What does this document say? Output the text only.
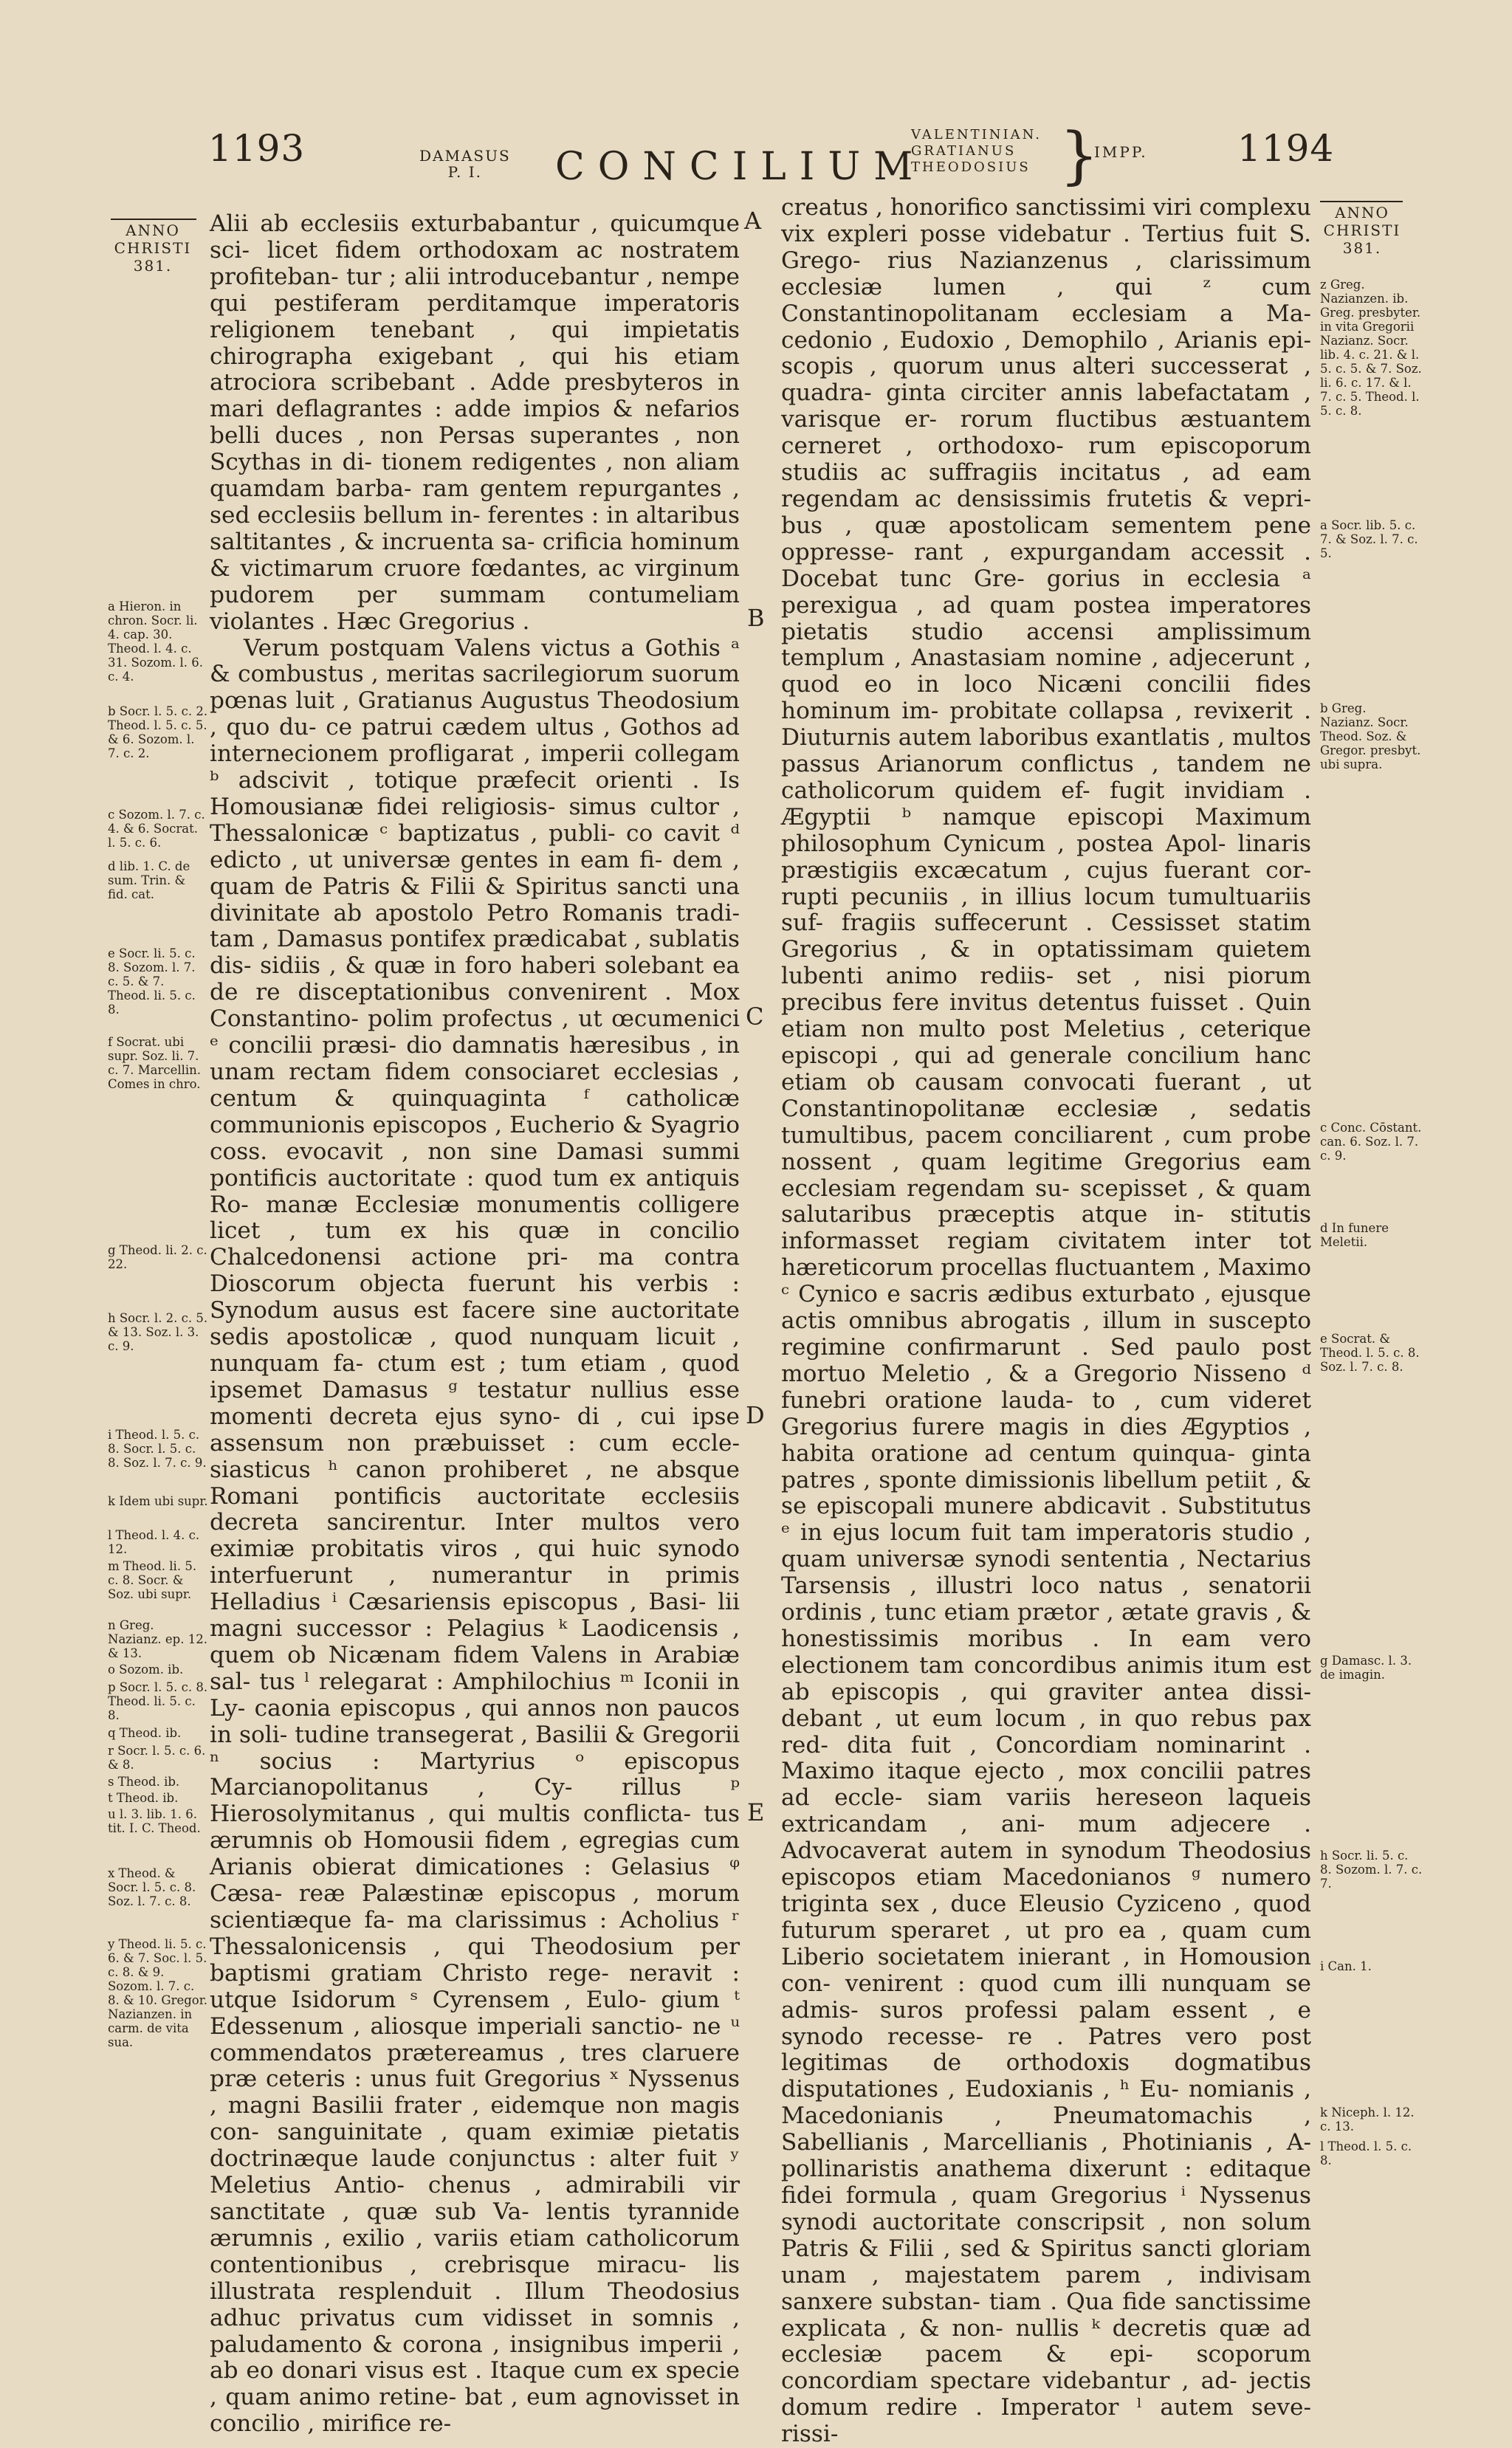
1193	DAMASUS
P. I.	CONCILIUM
VALENTINIAN.
GRATIANUS
THEODOSIUS }
IMPP. 1194
ANNO
CHRISTI
381.
ANNO
CHRISTI
381.

Alii ab ecclesiis exturbabantur , quicumque sci- licet fidem orthodoxam ac nostratem profiteban- tur ; alii introducebantur , nempe qui pestiferam perditamque imperatoris religionem tenebant , qui impietatis chirographa exigebant , qui his etiam atrociora scribebant . Adde presbyteros in mari deflagrantes : adde impios & nefarios belli duces , non Persas superantes , non Scythas in di- tionem redigentes , non aliam quamdam barba- ram gentem repurgantes , sed ecclesiis bellum in- ferentes : in altaribus saltitantes , & incruenta sa- crificia hominum & victimarum cruore fœdantes, ac virginum pudorem per summam contumeliam violantes . Hæc Gregorius .

Verum postquam Valens victus a Gothis ᵃ & combustus , meritas sacrilegiorum suorum pœnas luit , Gratianus Augustus Theodosium , quo du- ce patrui cædem ultus , Gothos ad internecionem profligarat , imperii collegam ᵇ adscivit , totique præfecit orienti . Is Homousianæ fidei religiosis- simus cultor , Thessalonicæ ᶜ baptizatus , publi- co cavit ᵈ edicto , ut universæ gentes in eam fi- dem , quam de Patris & Filii & Spiritus sancti una divinitate ab apostolo Petro Romanis tradi- tam , Damasus pontifex prædicabat , sublatis dis- sidiis , & quæ in foro haberi solebant ea de re disceptationibus convenirent . Mox Constantino- polim profectus , ut œcumenici ᵉ concilii præsi- dio damnatis hæresibus , in unam rectam fidem consociaret ecclesias , centum & quinquaginta ᶠ catholicæ communionis episcopos , Eucherio & Syagrio coss. evocavit , non sine Damasi summi pontificis auctoritate : quod tum ex antiquis Ro- manæ Ecclesiæ monumentis colligere licet , tum ex his quæ in concilio Chalcedonensi actione pri- ma contra Dioscorum objecta fuerunt his verbis : Synodum ausus est facere sine auctoritate sedis apostolicæ , quod nunquam licuit , nunquam fa- ctum est ; tum etiam , quod ipsemet Damasus ᵍ testatur nullius esse momenti decreta ejus syno- di , cui ipse assensum non præbuisset : cum eccle- siasticus ʰ canon prohiberet , ne absque Romani pontificis auctoritate ecclesiis decreta sancirentur. Inter multos vero eximiæ probitatis viros , qui huic synodo interfuerunt , numerantur in primis Helladius ⁱ Cæsariensis episcopus , Basi- lii magni successor : Pelagius ᵏ Laodicensis , quem ob Nicænam fidem Valens in Arabiæ sal- tus ˡ relegarat : Amphilochius ᵐ Iconii in Ly- caonia episcopus , qui annos non paucos in soli- tudine transegerat , Basilii & Gregorii ⁿ socius : Martyrius ᵒ episcopus Marcianopolitanus , Cy- rillus ᵖ Hierosolymitanus , qui multis conflicta- tus ærumnis ob Homousii fidem , egregias cum Arianis obierat dimicationes : Gelasius ᵠ Cæsa- reæ Palæstinæ episcopus , morum scientiæque fa- ma clarissimus : Acholius ʳ Thessalonicensis , qui Theodosium per baptismi gratiam Christo rege- neravit : utque Isidorum ˢ Cyrensem , Eulo- gium ᵗ Edessenum , aliosque imperiali sanctio- ne ᵘ commendatos prætereamus , tres claruere præ ceteris : unus fuit Gregorius ˣ Nyssenus , magni Basilii frater , eidemque non magis con- sanguinitate , quam eximiæ pietatis doctrinæque laude conjunctus : alter fuit ʸ Meletius Antio- chenus , admirabili vir sanctitate , quæ sub Va- lentis tyrannide ærumnis , exilio , variis etiam catholicorum contentionibus , crebrisque miracu- lis illustrata resplenduit . Illum Theodosius adhuc privatus cum vidisset in somnis , paludamento & corona , insignibus imperii , ab eo donari visus est . Itaque cum ex specie , quam animo retine- bat , eum agnovisset in concilio , mirifice re-

creatus , honorifico sanctissimi viri complexu vix expleri posse videbatur . Tertius fuit S. Grego- rius Nazianzenus , clarissimum ecclesiæ lumen , qui ᶻ cum Constantinopolitanam ecclesiam a Ma- cedonio , Eudoxio , Demophilo , Arianis epi- scopis , quorum unus alteri successerat , quadra- ginta circiter annis labefactatam , varisque er- rorum fluctibus æstuantem cerneret , orthodoxo- rum episcoporum studiis ac suffragiis incitatus , ad eam regendam ac densissimis frutetis & vepri- bus , quæ apostolicam sementem pene oppresse- rant , expurgandam accessit . Docebat tunc Gre- gorius in ecclesia ᵃ perexigua , ad quam postea imperatores pietatis studio accensi amplissimum templum , Anastasiam nomine , adjecerunt , quod eo in loco Nicæni concilii fides hominum im- probitate collapsa , revixerit . Diuturnis autem laboribus exantlatis , multos passus Arianorum conflictus , tandem ne catholicorum quidem ef- fugit invidiam . Ægyptii ᵇ namque episcopi Maximum philosophum Cynicum , postea Apol- linaris præstigiis excæcatum , cujus fuerant cor- rupti pecuniis , in illius locum tumultuariis suf- fragiis suffecerunt . Cessisset statim Gregorius , & in optatissimam quietem lubenti animo rediis- set , nisi piorum precibus fere invitus detentus fuisset . Quin etiam non multo post Meletius , ceterique episcopi , qui ad generale concilium hanc etiam ob causam convocati fuerant , ut Constantinopolitanæ ecclesiæ , sedatis tumultibus, pacem conciliarent , cum probe nossent , quam legitime Gregorius eam ecclesiam regendam su- scepisset , & quam salutaribus præceptis atque in- stitutis informasset regiam civitatem inter tot hæreticorum procellas fluctuantem , Maximo ᶜ Cynico e sacris ædibus exturbato , ejusque actis omnibus abrogatis , illum in susceptо regimine confirmarunt . Sed paulo post mortuo Meletio , & a Gregorio Nisseno ᵈ funebri oratione lauda- to , cum videret Gregorius furere magis in dies Ægyptios , habita oratione ad centum quinqua- ginta patres , sponte dimissionis libellum petiit , & se episcopali munere abdicavit . Substitutus ᵉ in ejus locum fuit tam imperatoris studio , quam universæ synodi sententia , Nectarius Tarsensis , illustri loco natus , senatorii ordinis , tunc etiam prætor , ætate gravis , & honestissimis moribus . In eam vero electionem tam concordibus animis itum est ab episcopis , qui graviter antea dissi- debant , ut eum locum , in quo rebus pax red- dita fuit , Concordiam nominarint . Maximo itaque ejecto , mox concilii patres ad eccle- siam variis heresеon laqueis extricandam , ani- mum adjecere . Advocaverat autem in synodum Theodosius episcopos etiam Macedonianos ᵍ numero triginta sex , duce Eleusio Cyziceno , quod futurum speraret , ut pro ea , quam cum Liberio societatem inierant , in Homousion con- venirent : quod cum illi nunquam se admis- suros professi palam essent , e synodo recesse- re . Patres vero post legitimas de orthodoxis dogmatibus disputationes , Eudoxianis , ʰ Eu- nomianis , Macedonianis , Pneumatomachis , Sabellianis , Marcellianis , Photinianis , A- pollinaristis anathema dixerunt : editaque fidei formula , quam Gregorius ⁱ Nyssenus synodi auctoritate conscripsit , non solum Patris & Filii , sed & Spiritus sancti gloriam unam , majestatem parem , indivisam sanxere substan- tiam . Qua fide sanctissime explicata , & non- nullis ᵏ decretis quæ ad ecclesiæ pacem & epi- scoporum concordiam spectare videbantur , ad- jectis domum redire . Imperator ˡ autem seve- rissi-

A
B
C
D
E
a Hieron. in chron. Socr. li. 4. cap. 30. Theod. l. 4. c. 31. Sozom. l. 6. c. 4.
b Socr. l. 5. c. 2. Theod. l. 5. c. 5. & 6. Sozom. l. 7. c. 2.
c Sozom. l. 7. c. 4. & 6. Socrat. l. 5. c. 6.
d lib. 1. C. de sum. Trin. & fid. cat.
e Socr. li. 5. c. 8. Sozom. l. 7. c. 5. & 7. Theod. li. 5. c. 8.
f Socrat. ubi supr. Soz. li. 7. c. 7. Marcellin. Comes in chro.
g Theod. li. 2. c. 22.
h Socr. l. 2. c. 5. & 13. Soz. l. 3. c. 9.
i Theod. l. 5. c. 8. Socr. l. 5. c. 8. Soz. l. 7. c. 9.
k Idem ubi supr.
l Theod. l. 4. c. 12.
m Theod. li. 5. c. 8. Socr. & Soz. ubi supr.
n Greg. Nazianz. ep. 12. & 13.
o Sozom. ib.
p Socr. l. 5. c. 8. Theod. li. 5. c. 8.
q Theod. ib.
r Socr. l. 5. c. 6. & 8.
s Theod. ib.
t Theod. ib.
u l. 3. lib. 1. 6. tit. I. C. Theod.
x Theod. & Socr. l. 5. c. 8. Soz. l. 7. c. 8.
y Theod. li. 5. c. 6. & 7. Soc. l. 5. c. 8. & 9. Sozom. l. 7. c. 8. & 10. Gregor. Nazianzen. in carm. de vita sua.
z Greg. Nazianzen. ib. Greg. presbyter. in vita Gregorii Nazianz. Socr. lib. 4. c. 21. & l. 5. c. 5. & 7. Soz. li. 6. c. 17. & l. 7. c. 5. Theod. l. 5. c. 8.
a Socr. lib. 5. c. 7. & Soz. l. 7. c. 5.
b Greg. Nazianz. Socr. Theod. Soz. & Gregor. presbyt. ubi supra.
c Conc. Cōstant. can. 6. Soz. l. 7. c. 9.
d In funere Meletii.
e Socrat. & Theod. l. 5. c. 8. Soz. l. 7. c. 8.
g Damasc. l. 3. de imagin.
h Socr. li. 5. c. 8. Sozom. l. 7. c. 7.
i Can. 1.
k Niceph. l. 12. c. 13.
l Theod. l. 5. c. 8.
